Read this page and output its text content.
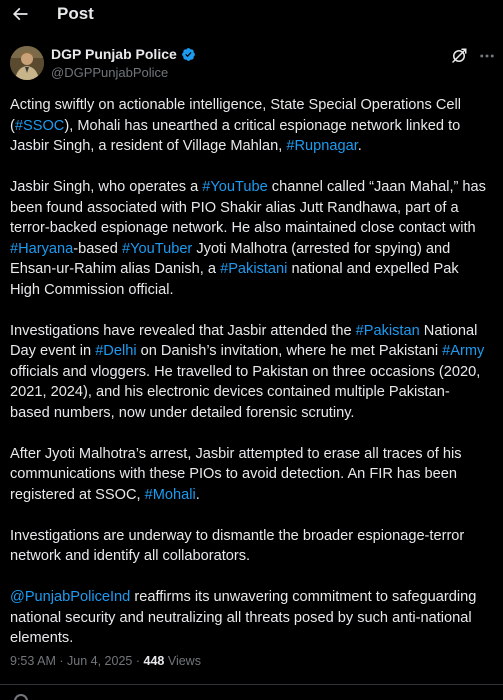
Post
DGP Punjab Police
@DGPPunjabPolice

Acting swiftly on actionable intelligence, State Special Operations Cell (#SSOC), Mohali has unearthed a critical espionage network linked to Jasbir Singh, a resident of Village Mahlan, #Rupnagar.

Jasbir Singh, who operates a #YouTube channel called “Jaan Mahal,” has been found associated with PIO Shakir alias Jutt Randhawa, part of a terror-backed espionage network. He also maintained close contact with #Haryana-based #YouTuber Jyoti Malhotra (arrested for spying) and Ehsan-ur-Rahim alias Danish, a #Pakistani national and expelled Pak High Commission official.

Investigations have revealed that Jasbir attended the #Pakistan National Day event in #Delhi on Danish’s invitation, where he met Pakistani #Army officials and vloggers. He travelled to Pakistan on three occasions (2020, 2021, 2024), and his electronic devices contained multiple Pakistan-based numbers, now under detailed forensic scrutiny.

After Jyoti Malhotra’s arrest, Jasbir attempted to erase all traces of his communications with these PIOs to avoid detection. An FIR has been registered at SSOC, #Mohali.

Investigations are underway to dismantle the broader espionage-terror network and identify all collaborators.

@PunjabPoliceInd reaffirms its unwavering commitment to safeguarding national security and neutralizing all threats posed by such anti-national elements.

9:53 AM · Jun 4, 2025 · 448 Views
